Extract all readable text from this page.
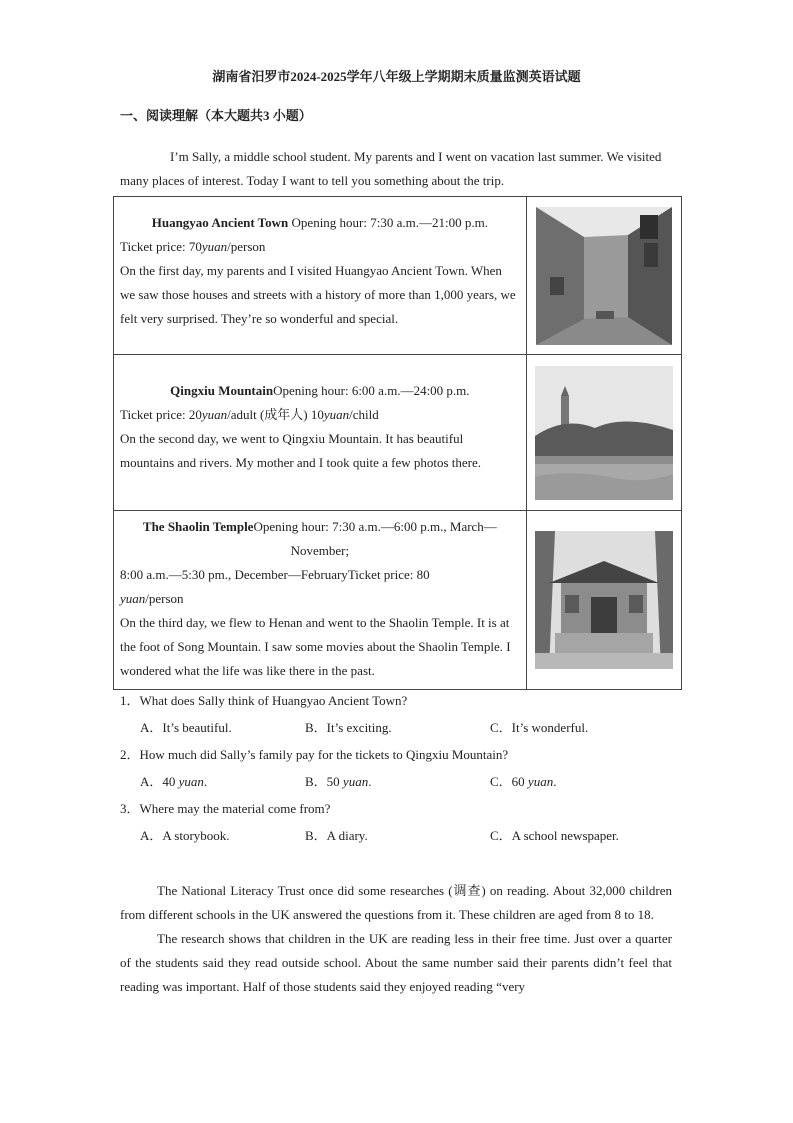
湖南省汨罗市2024-2025学年八年级上学期期末质量监测英语试题
一、阅读理解（本大题共3 小题）

I’m Sally, a middle school student. My parents and I went on vacation last summer. We visited many places of interest. Today I want to tell you something about the trip.

Huangyao Ancient Town Opening hour: 7:30 a.m.—21:00 p.m.
Ticket price: 70yuan/person
On the first day, my parents and I visited Huangyao Ancient Town. When we saw those houses and streets with a history of more than 1,000 years, we felt very surprised. They’re so wonderful and special.

Qingxiu MountainOpening hour: 6:00 a.m.—24:00 p.m.
Ticket price: 20yuan/adult (成年人) 10yuan/child
On the second day, we went to Qingxiu Mountain. It has beautiful mountains and rivers. My mother and I took quite a few photos there.

The Shaolin TempleOpening hour: 7:30 a.m.—6:00 p.m., March—
November;
8:00 a.m.—5:30 pm., December—FebruaryTicket price: 80
yuan/person
On the third day, we flew to Henan and went to the Shaolin Temple. It is at the foot of Song Mountain. I saw some movies about the Shaolin Temple. I wondered what the life was like there in the past.

1．What does Sally think of Huangyao Ancient Town?
A．It’s beautiful.	B．It’s exciting.	C．It’s wonderful.
2．How much did Sally’s family pay for the tickets to Qingxiu Mountain?
A．40 yuan.	B．50 yuan.	C．60 yuan.
3．Where may the material come from?
A．A storybook.	B．A diary.	C．A school newspaper.

The National Literacy Trust once did some researches (调查) on reading. About 32,000 children from different schools in the UK answered the questions from it. These children are aged from 8 to 18.

The research shows that children in the UK are reading less in their free time. Just over a quarter of the students said they read outside school. About the same number said their parents didn’t feel that reading was important. Half of those students said they enjoyed reading “very
